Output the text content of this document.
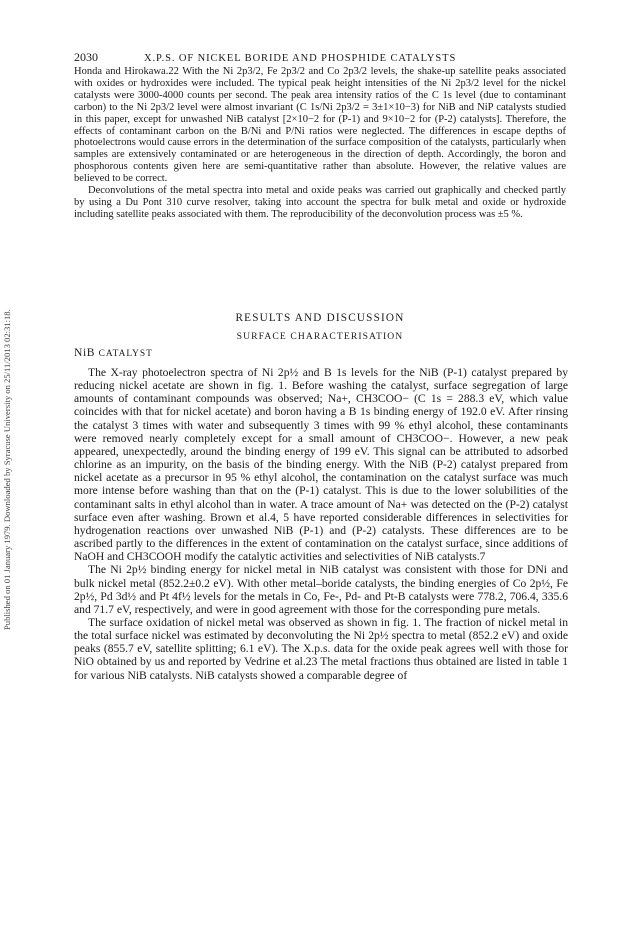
Published on 01 January 1979. Downloaded by Syracuse University on 25/11/2013 02:31:18.
2030	X.P.S. OF NICKEL BORIDE AND PHOSPHIDE CATALYSTS

Honda and Hirokawa.22 With the Ni 2p3/2, Fe 2p3/2 and Co 2p3/2 levels, the shake-up satellite peaks associated with oxides or hydroxides were included. The typical peak height intensities of the Ni 2p3/2 level for the nickel catalysts were 3000-4000 counts per second. The peak area intensity ratios of the C 1s level (due to contaminant carbon) to the Ni 2p3/2 level were almost invariant (C 1s/Ni 2p3/2 = 3±1×10−3) for NiB and NiP catalysts studied in this paper, except for unwashed NiB catalyst [2×10−2 for (P-1) and 9×10−2 for (P-2) catalysts]. Therefore, the effects of contaminant carbon on the B/Ni and P/Ni ratios were neglected. The differences in escape depths of photoelectrons would cause errors in the determination of the surface composition of the catalysts, particularly when samples are extensively contaminated or are heterogeneous in the direction of depth. Accordingly, the boron and phosphorous contents given here are semi-quantitative rather than absolute. However, the relative values are believed to be correct.

Deconvolutions of the metal spectra into metal and oxide peaks was carried out graphically and checked partly by using a Du Pont 310 curve resolver, taking into account the spectra for bulk metal and oxide or hydroxide including satellite peaks associated with them. The reproducibility of the deconvolution process was ±5 %.

RESULTS AND DISCUSSION
SURFACE CHARACTERISATION
NiB CATALYST

The X-ray photoelectron spectra of Ni 2p½ and B 1s levels for the NiB (P-1) catalyst prepared by reducing nickel acetate are shown in fig. 1. Before washing the catalyst, surface segregation of large amounts of contaminant compounds was observed; Na+, CH3COO− (C 1s = 288.3 eV, which value coincides with that for nickel acetate) and boron having a B 1s binding energy of 192.0 eV. After rinsing the catalyst 3 times with water and subsequently 3 times with 99 % ethyl alcohol, these contaminants were removed nearly completely except for a small amount of CH3COO−. However, a new peak appeared, unexpectedly, around the binding energy of 199 eV. This signal can be attributed to adsorbed chlorine as an impurity, on the basis of the binding energy. With the NiB (P-2) catalyst prepared from nickel acetate as a precursor in 95 % ethyl alcohol, the contamination on the catalyst surface was much more intense before washing than that on the (P-1) catalyst. This is due to the lower solubilities of the contaminant salts in ethyl alcohol than in water. A trace amount of Na+ was detected on the (P-2) catalyst surface even after washing. Brown et al.4, 5 have reported considerable differences in selectivities for hydrogenation reactions over unwashed NiB (P-1) and (P-2) catalysts. These differences are to be ascribed partly to the differences in the extent of contamination on the catalyst surface, since additions of NaOH and CH3COOH modify the catalytic activities and selectivities of NiB catalysts.7

The Ni 2p½ binding energy for nickel metal in NiB catalyst was consistent with those for DNi and bulk nickel metal (852.2±0.2 eV). With other metal–boride catalysts, the binding energies of Co 2p½, Fe 2p½, Pd 3d½ and Pt 4f½ levels for the metals in Co, Fe-, Pd- and Pt-B catalysts were 778.2, 706.4, 335.6 and 71.7 eV, respectively, and were in good agreement with those for the corresponding pure metals.

The surface oxidation of nickel metal was observed as shown in fig. 1. The fraction of nickel metal in the total surface nickel was estimated by deconvoluting the Ni 2p½ spectra to metal (852.2 eV) and oxide peaks (855.7 eV, satellite splitting; 6.1 eV). The X.p.s. data for the oxide peak agrees well with those for NiO obtained by us and reported by Vedrine et al.23 The metal fractions thus obtained are listed in table 1 for various NiB catalysts. NiB catalysts showed a comparable degree of
